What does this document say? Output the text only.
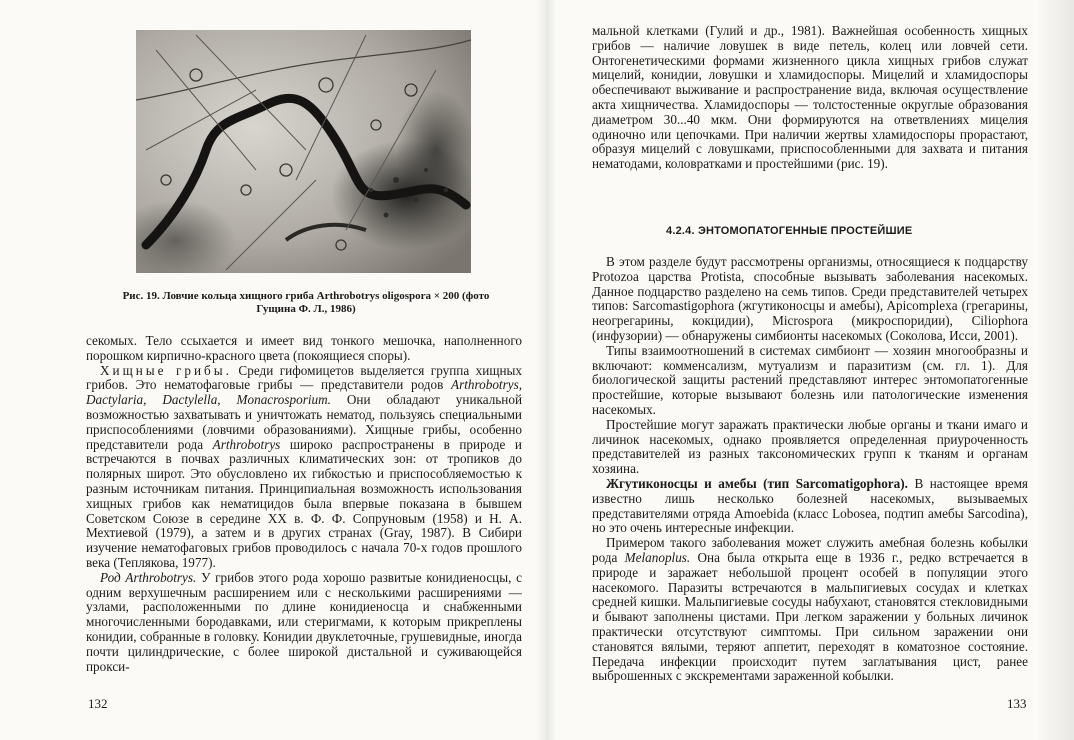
Рис. 19. Ловчие кольца хищного гриба Arthrobotrys oligospora × 200 (фото Гущина Ф. Л., 1986)

секомых. Тело ссыхается и имеет вид тонкого мешочка, наполненного порошком кирпично-красного цвета (покоящиеся споры).

Хищные грибы. Среди гифомицетов выделяется группа хищных грибов. Это нематофаговые грибы — представители родов Arthrobotrys, Dactylaria, Dactylella, Monacrosporium. Они обладают уникальной возможностью захватывать и уничтожать нематод, пользуясь специальными приспособлениями (ловчими образованиями). Хищные грибы, особенно представители рода Arthrobotrys широко распространены в природе и встречаются в почвах различных климатических зон: от тропиков до полярных широт. Это обусловлено их гибкостью и приспособляемостью к разным источникам питания. Принципиальная возможность использования хищных грибов как нематицидов была впервые показана в бывшем Советском Союзе в середине XX в. Ф. Ф. Сопруновым (1958) и Н. А. Мехтиевой (1979), а затем и в других странах (Gray, 1987). В Сибири изучение нематофаговых грибов проводилось с начала 70-х годов прошлого века (Теплякова, 1977).

Род Arthrobotrys. У грибов этого рода хорошо развитые конидиеносцы, с одним верхушечным расширением или с несколькими расширениями — узлами, расположенными по длине конидиеносца и снабженными многочисленными бородавками, или стеригмами, к которым прикреплены конидии, собранные в головку. Конидии двуклеточные, грушевидные, иногда почти цилиндрические, с более широкой дистальной и суживающейся прокси-

132

мальной клетками (Гулий и др., 1981). Важнейшая особенность хищных грибов — наличие ловушек в виде петель, колец или ловчей сети. Онтогенетическими формами жизненного цикла хищных грибов служат мицелий, конидии, ловушки и хламидоспоры. Мицелий и хламидоспоры обеспечивают выживание и распространение вида, включая осуществление акта хищничества. Хламидоспоры — толстостенные округлые образования диаметром 30...40 мкм. Они формируются на ответвлениях мицелия одиночно или цепочками. При наличии жертвы хламидоспоры прорастают, образуя мицелий с ловушками, приспособленными для захвата и питания нематодами, коловратками и простейшими (рис. 19).

4.2.4. ЭНТОМОПАТОГЕННЫЕ ПРОСТЕЙШИЕ

В этом разделе будут рассмотрены организмы, относящиеся к подцарству Protozoa царства Protista, способные вызывать заболевания насекомых. Данное подцарство разделено на семь типов. Среди представителей четырех типов: Sarcomastigophora (жгутиконосцы и амебы), Apicomplexa (грегарины, неогрегарины, кокцидии), Microspora (микроспоридии), Ciliophora (инфузории) — обнаружены симбионты насекомых (Соколова, Исси, 2001).

Типы взаимоотношений в системах симбионт — хозяин многообразны и включают: комменсализм, мутуализм и паразитизм (см. гл. 1). Для биологической защиты растений представляют интерес энтомопатогенные простейшие, которые вызывают болезнь или патологические изменения насекомых.

Простейшие могут заражать практически любые органы и ткани имаго и личинок насекомых, однако проявляется определенная приуроченность представителей из разных таксономических групп к тканям и органам хозяина.

Жгутиконосцы и амебы (тип Sarcomatigophora). В настоящее время известно лишь несколько болезней насекомых, вызываемых представителями отряда Amoebida (класс Lobosea, подтип амебы Sarcodina), но это очень интересные инфекции.

Примером такого заболевания может служить амебная болезнь кобылки рода Melanoplus. Она была открыта еще в 1936 г., редко встречается в природе и заражает небольшой процент особей в популяции этого насекомого. Паразиты встречаются в мальпигиевых сосудах и клетках средней кишки. Мальпигиевые сосуды набухают, становятся стекловидными и бывают заполнены цистами. При легком заражении у больных личинок практически отсутствуют симптомы. При сильном заражении они становятся вялыми, теряют аппетит, переходят в коматозное состояние. Передача инфекции происходит путем заглатывания цист, ранее выброшенных с экскрементами зараженной кобылки.

133
